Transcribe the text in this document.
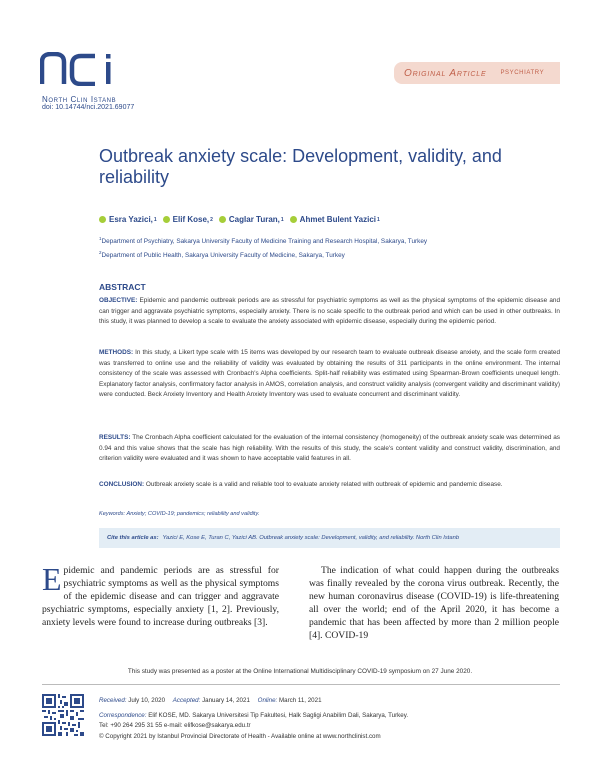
North Clin Istanb
doi: 10.14744/nci.2021.69077
Original Article PSYCHIATRY
Outbreak anxiety scale: Development, validity, and reliability
Esra Yazici, 1 Elif Kose, 2 Caglar Turan, 1 Ahmet Bulent Yazici 1
$^1$Department of Psychiatry, Sakarya University Faculty of Medicine Training and Research Hospital, Sakarya, Turkey
$^2$Department of Public Health, Sakarya University Faculty of Medicine, Sakarya, Turkey
ABSTRACT

OBJECTIVE: Epidemic and pandemic outbreak periods are as stressful for psychiatric symptoms as well as the physical symptoms of the epidemic disease and can trigger and aggravate psychiatric symptoms, especially anxiety. There is no scale specific to the outbreak period and which can be used in other outbreaks. In this study, it was planned to develop a scale to evaluate the anxiety associated with epidemic disease, especially during the epidemic period.

METHODS: In this study, a Likert type scale with 15 items was developed by our research team to evaluate outbreak disease anxiety, and the scale form created was transferred to online use and the reliability of validity was evaluated by obtaining the results of 311 participants in the online environment. The internal consistency of the scale was assessed with Cronbach's Alpha coefficients. Split-half reliability was estimated using Spearman-Brown coefficients unequel length. Explanatory factor analysis, confirmatory factor analysis in AMOS, correlation analysis, and construct validity analysis (convergent validity and discriminant validity) were conducted. Beck Anxiety Inventory and Health Anxiety Inventory was used to evaluate concurrent and discriminant validity.

RESULTS: The Cronbach Alpha coefficient calculated for the evaluation of the internal consistency (homogeneity) of the outbreak anxiety scale was determined as 0.94 and this value shows that the scale has high reliability. With the results of this study, the scale's content validity and construct validity, discrimination, and criterion validity were evaluated and it was shown to have acceptable valid features in all.

CONCLUSION: Outbreak anxiety scale is a valid and reliable tool to evaluate anxiety related with outbreak of epidemic and pandemic disease.

Keywords: Anxiety; COVID-19; pandemics; reliability and validity.
Cite this article as: Yazici E, Kose E, Turan C, Yazici AB. Outbreak anxiety scale: Development, validity, and reliability. North Clin Istanb

Epidemic and pandemic periods are as stressful for psychiatric symptoms as well as the physical symptoms of the epidemic disease and can trigger and aggravate psychiatric symptoms, especially anxiety [1, 2]. Previously, anxiety levels were found to increase during outbreaks [3].

The indication of what could happen during the outbreaks was finally revealed by the corona virus outbreak. Recently, the new human coronavirus disease (COVID-19) is life-threatening all over the world; end of the April 2020, it has become a pandemic that has been affected by more than 2 million people [4]. COVID-19

This study was presented as a poster at the Online International Multidisciplinary COVID-19 symposium on 27 June 2020.
Received: July 10, 2020 Accepted: January 14, 2021 Online: March 11, 2021
Correspondence: Elif KOSE, MD. Sakarya Universitesi Tip Fakultesi, Halk Sagligi Anabilim Dali, Sakarya, Turkey.
Tel: +90 264 295 31 55 e-mail: elifkose@sakarya.edu.tr
© Copyright 2021 by Istanbul Provincial Directorate of Health - Available online at www.northclinist.com
